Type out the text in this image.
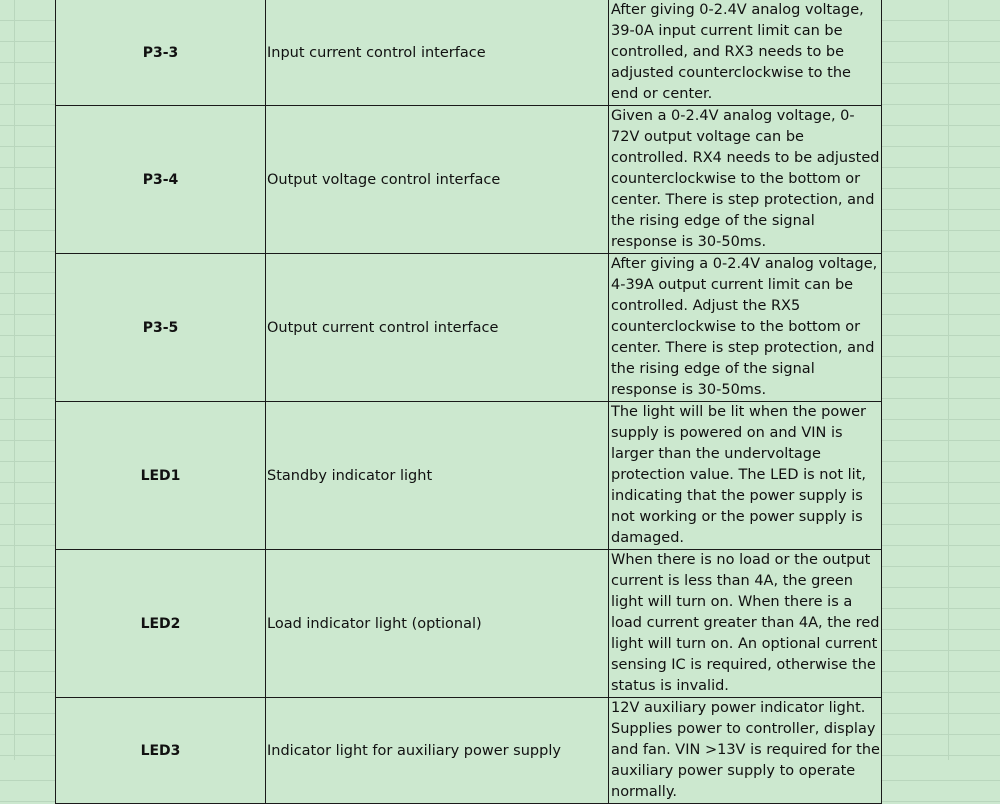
P3-3	Input current control interface	After giving 0-2.4V analog voltage, 39-0A input current limit can be controlled, and RX3 needs to be adjusted counterclockwise to the end or center.

P3-4	Output voltage control interface	Given a 0-2.4V analog voltage, 0-72V output voltage can be controlled. RX4 needs to be adjusted counterclockwise to the bottom or center. There is step protection, and the rising edge of the signal response is 30-50ms.

P3-5	Output current control interface	After giving a 0-2.4V analog voltage, 4-39A output current limit can be controlled. Adjust the RX5 counterclockwise to the bottom or center. There is step protection, and the rising edge of the signal response is 30-50ms.

LED1	Standby indicator light	The light will be lit when the power supply is powered on and VIN is larger than the undervoltage protection value. The LED is not lit, indicating that the power supply is not working or the power supply is damaged.

LED2	Load indicator light (optional)	When there is no load or the output current is less than 4A, the green light will turn on. When there is a load current greater than 4A, the red light will turn on. An optional current sensing IC is required, otherwise the status is invalid.

LED3	Indicator light for auxiliary power supply	12V auxiliary power indicator light. Supplies power to controller, display and fan. VIN >13V is required for the auxiliary power supply to operate normally.
